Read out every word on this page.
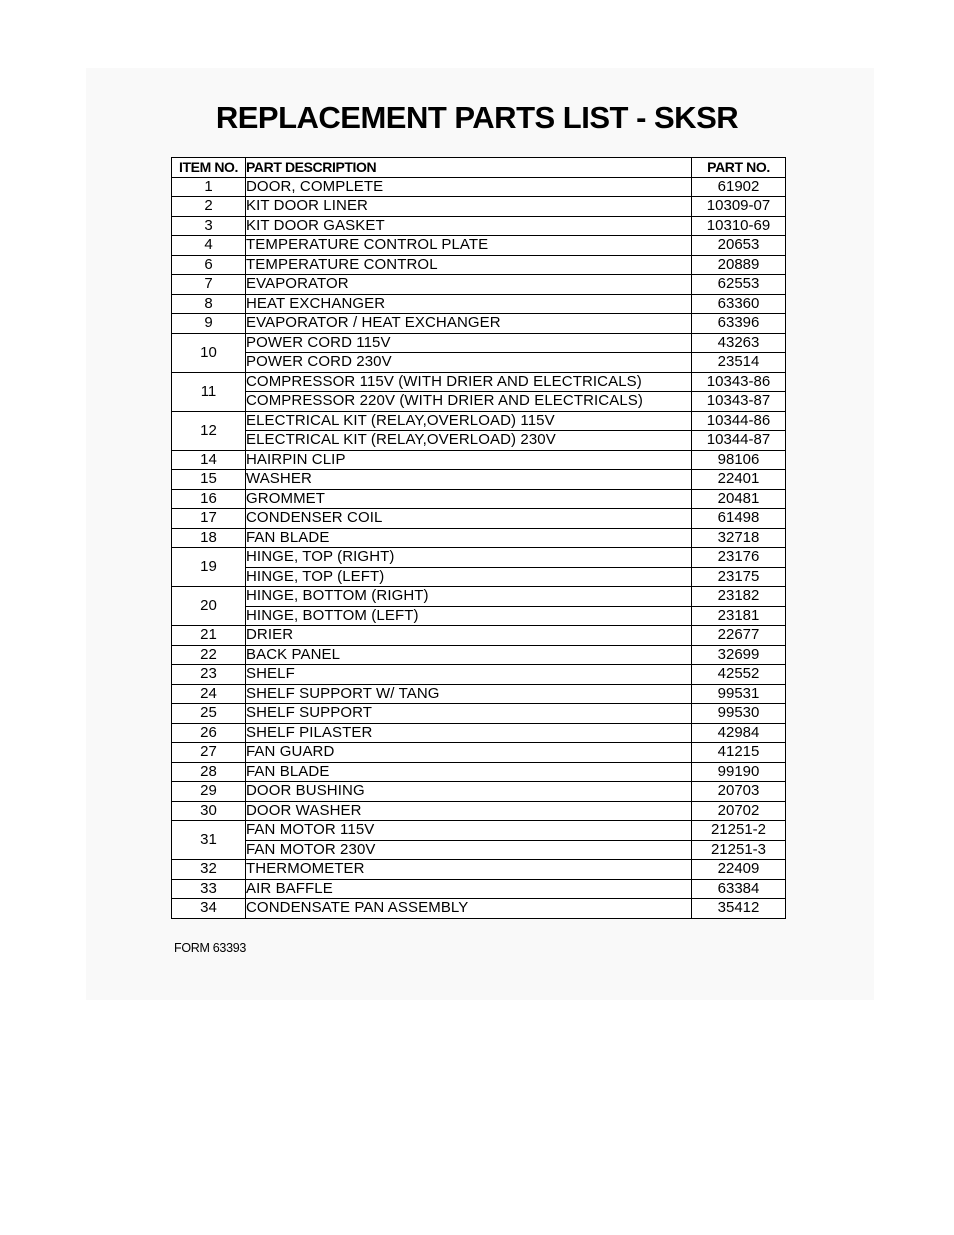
REPLACEMENT PARTS LIST - SKSR
ITEM NO.	PART DESCRIPTION	PART NO.
1	DOOR, COMPLETE	61902
2	KIT DOOR LINER	10309-07
3	KIT DOOR GASKET	10310-69
4	TEMPERATURE CONTROL PLATE	20653
6	TEMPERATURE CONTROL	20889
7	EVAPORATOR	62553
8	HEAT EXCHANGER	63360
9	EVAPORATOR / HEAT EXCHANGER	63396
10	POWER CORD 115V	43263
	POWER CORD 230V	23514
11	COMPRESSOR 115V (WITH DRIER AND ELECTRICALS)	10343-86
	COMPRESSOR 220V (WITH DRIER AND ELECTRICALS)	10343-87
12	ELECTRICAL KIT (RELAY,OVERLOAD) 115V	10344-86
	ELECTRICAL KIT (RELAY,OVERLOAD) 230V	10344-87
14	HAIRPIN CLIP	98106
15	WASHER	22401
16	GROMMET	20481
17	CONDENSER COIL	61498
18	FAN BLADE	32718
19	HINGE, TOP (RIGHT)	23176
	HINGE, TOP (LEFT)	23175
20	HINGE, BOTTOM (RIGHT)	23182
	HINGE, BOTTOM (LEFT)	23181
21	DRIER	22677
22	BACK PANEL	32699
23	SHELF	42552
24	SHELF SUPPORT W/ TANG	99531
25	SHELF SUPPORT	99530
26	SHELF PILASTER	42984
27	FAN GUARD	41215
28	FAN BLADE	99190
29	DOOR BUSHING	20703
30	DOOR WASHER	20702
31	FAN MOTOR 115V	21251-2
	FAN MOTOR 230V	21251-3
32	THERMOMETER	22409
33	AIR BAFFLE	63384
34	CONDENSATE PAN ASSEMBLY	35412
FORM 63393
